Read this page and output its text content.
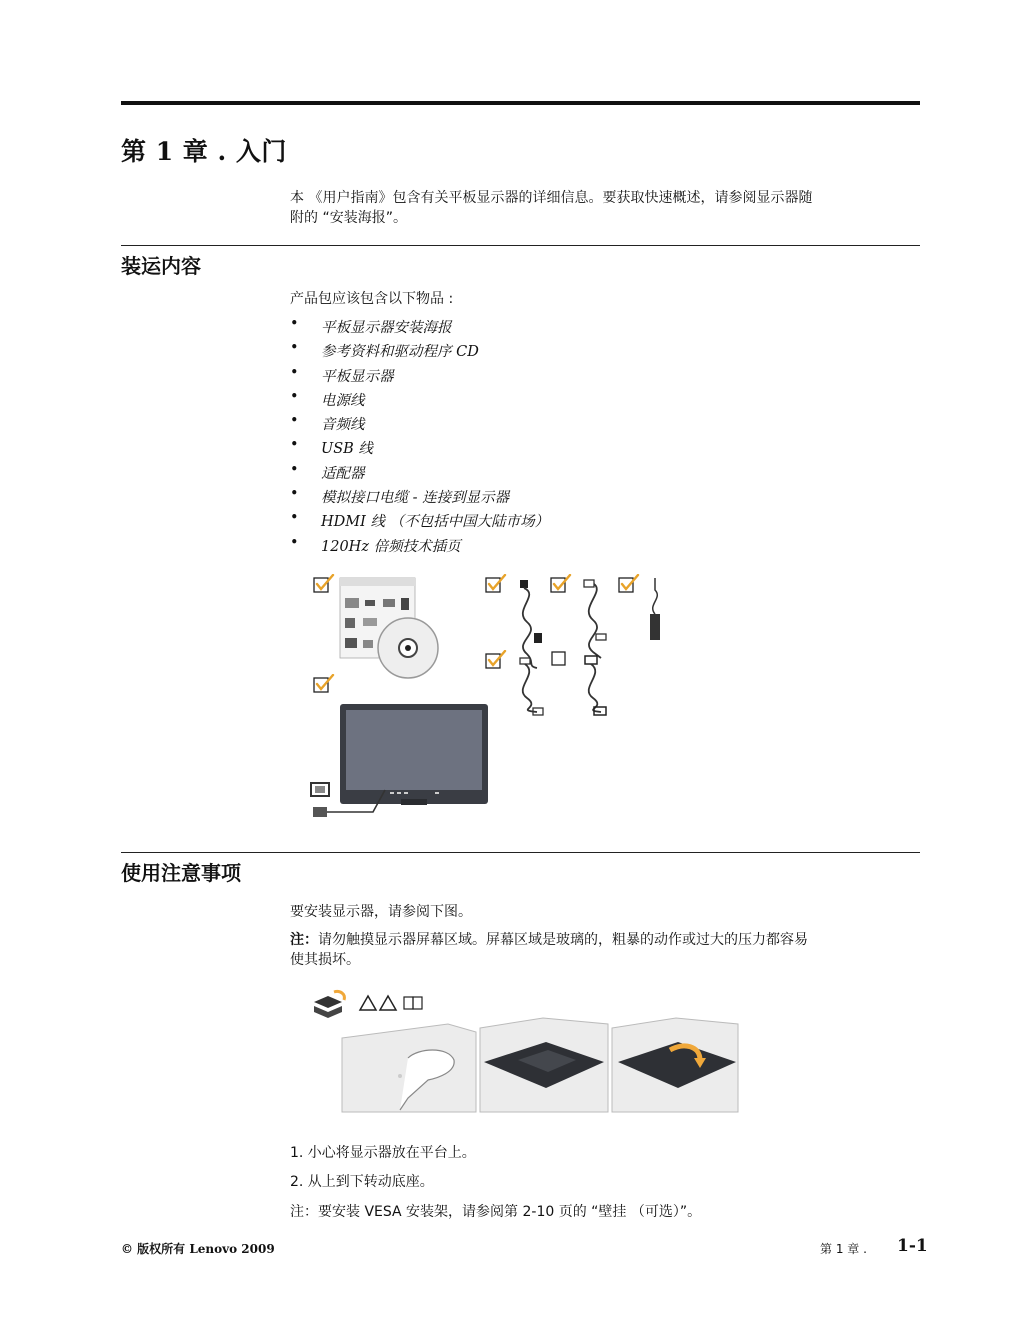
第 1 章 . 入门
本 《用户指南》包含有关平板显示器的详细信息。要获取快速概述，请参阅显示器随
附的 “安装海报”。
装运内容
产品包应该包含以下物品 :
• 平板显示器安装海报
• 参考资料和驱动程序 CD
• 平板显示器
• 电源线
• 音频线
• USB 线
• 适配器
• 模拟接口电缆 - 连接到显示器
• HDMI 线 （不包括中国大陆市场）
• 120Hz 倍频技术插页
使用注意事项
要安装显示器，请参阅下图。
注：请勿触摸显示器屏幕区域。屏幕区域是玻璃的，粗暴的动作或过大的压力都容易
使其损坏。
1. 小心将显示器放在平台上。
2. 从上到下转动底座。
注：要安装 VESA 安装架，请参阅第 2-10 页的 “壁挂 （可选）”。
© 版权所有 Lenovo 2009	第 1 章 . 1-1
